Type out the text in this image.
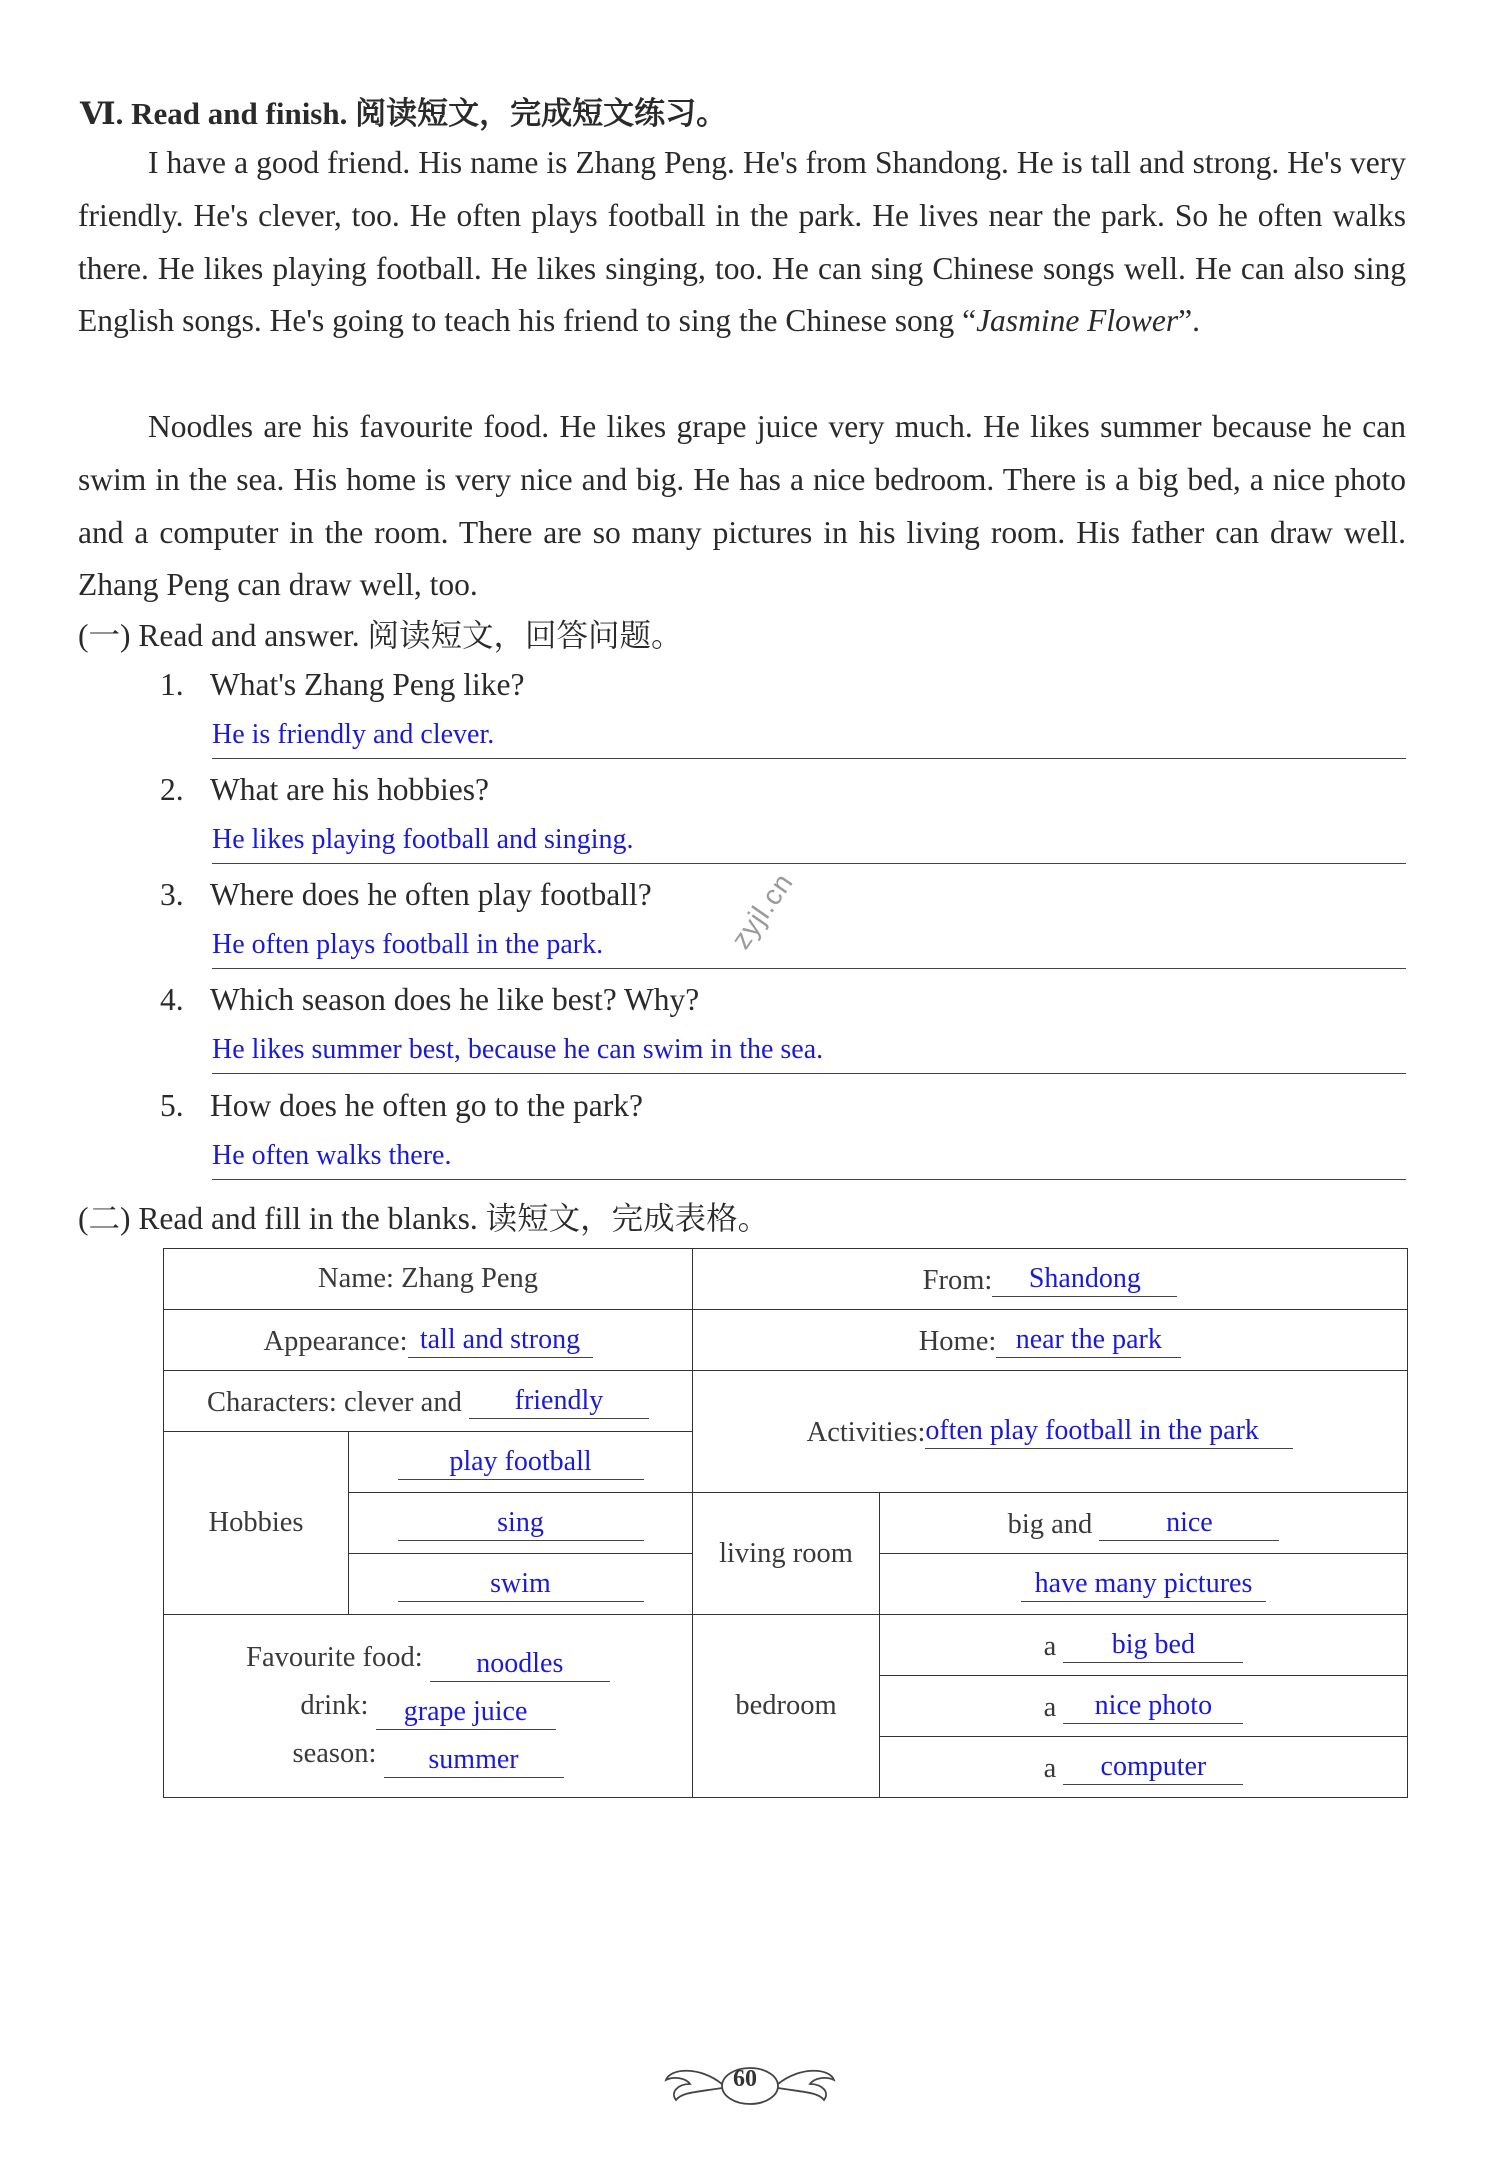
Ⅵ. Read and finish. 阅读短文，完成短文练习。

I have a good friend. His name is Zhang Peng. He's from Shandong. He is tall and strong. He's very friendly. He's clever, too. He often plays football in the park. He lives near the park. So he often walks there. He likes playing football. He likes singing, too. He can sing Chinese songs well. He can also sing English songs. He's going to teach his friend to sing the Chinese song “Jasmine Flower”.

Noodles are his favourite food. He likes grape juice very much. He likes summer because he can swim in the sea. His home is very nice and big. He has a nice bedroom. There is a big bed, a nice photo and a computer in the room. There are so many pictures in his living room. His father can draw well. Zhang Peng can draw well, too.

(一) Read and answer. 阅读短文，回答问题。
1. What's Zhang Peng like?
He is friendly and clever.
2. What are his hobbies?
He likes playing football and singing.
3. Where does he often play football?
He often plays football in the park.
4. Which season does he like best? Why?
He likes summer best, because he can swim in the sea.
5. How does he often go to the park?
He often walks there.
zyjl.cn
(二) Read and fill in the blanks. 读短文，完成表格。
Name: Zhang Peng		From: Shandong	
Appearance: tall and strong		Home: near the park	
Characters: clever and friendly		Activities:often play football in the park	
Hobbies	play football		
	sing	living room	big and nice
	swim		have many pictures

Favourite food: noodles
drink: grape juice
season: summer		bedroom	a big bed
			a nice photo
			a computer
60
